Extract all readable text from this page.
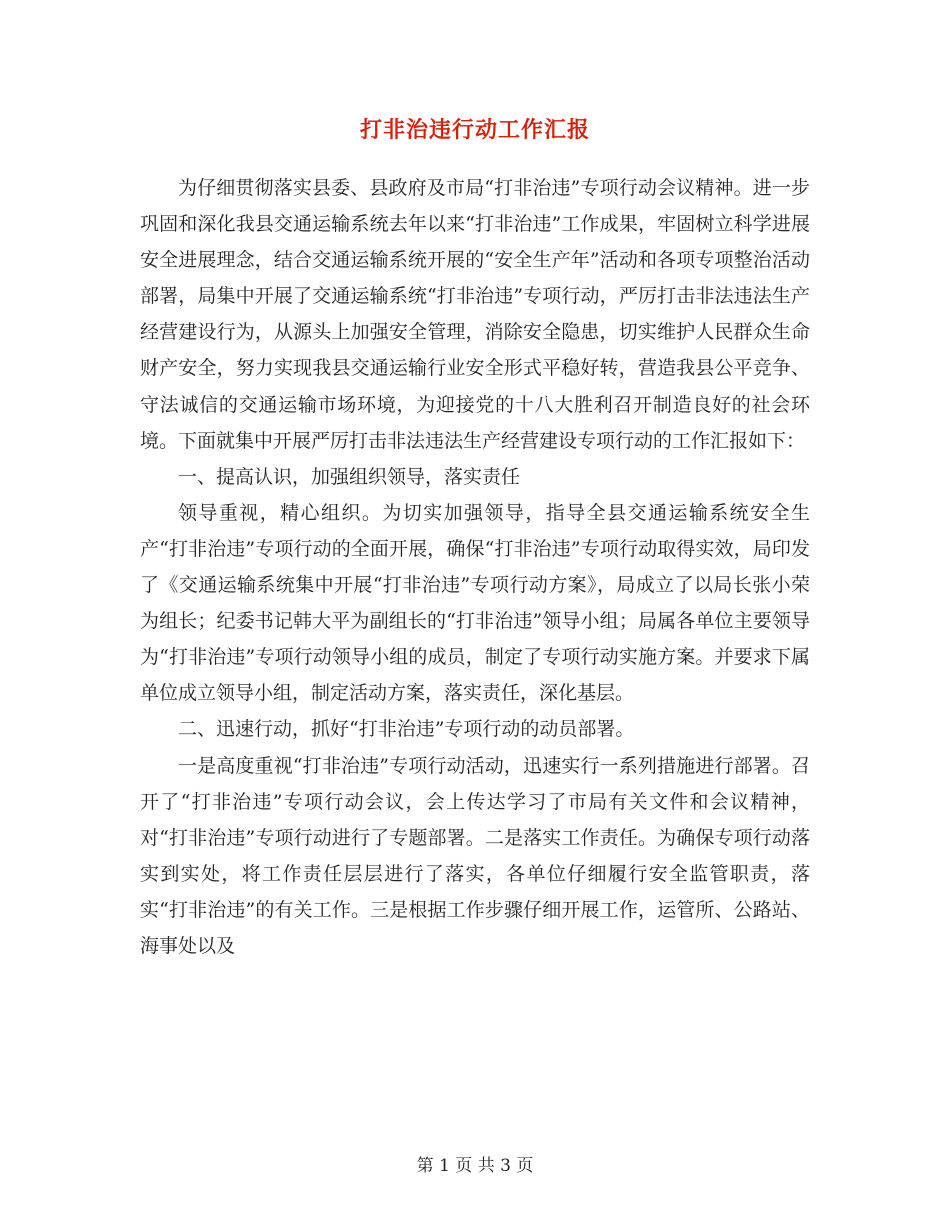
打非治违行动工作汇报

为仔细贯彻落实县委、县政府及市局“打非治违”专项行动会议精神。进一步巩固和深化我县交通运输系统去年以来“打非治违”工作成果，牢固树立科学进展安全进展理念，结合交通运输系统开展的“安全生产年”活动和各项专项整治活动部署，局集中开展了交通运输系统“打非治违”专项行动，严厉打击非法违法生产经营建设行为，从源头上加强安全管理，消除安全隐患，切实维护人民群众生命财产安全，努力实现我县交通运输行业安全形式平稳好转，营造我县公平竞争、守法诚信的交通运输市场环境，为迎接党的十八大胜利召开制造良好的社会环境。下面就集中开展严厉打击非法违法生产经营建设专项行动的工作汇报如下：

一、提高认识，加强组织领导，落实责任

领导重视，精心组织。为切实加强领导，指导全县交通运输系统安全生产“打非治违”专项行动的全面开展，确保“打非治违”专项行动取得实效，局印发了《交通运输系统集中开展“打非治违”专项行动方案》，局成立了以局长张小荣为组长；纪委书记韩大平为副组长的“打非治违”领导小组；局属各单位主要领导为“打非治违”专项行动领导小组的成员，制定了专项行动实施方案。并要求下属单位成立领导小组，制定活动方案，落实责任，深化基层。

二、迅速行动，抓好“打非治违”专项行动的动员部署。

一是高度重视“打非治违”专项行动活动，迅速实行一系列措施进行部署。召开了“打非治违”专项行动会议，会上传达学习了市局有关文件和会议精神，对“打非治违”专项行动进行了专题部署。二是落实工作责任。为确保专项行动落实到实处，将工作责任层层进行了落实，各单位仔细履行安全监管职责，落实“打非治违”的有关工作。三是根据工作步骤仔细开展工作，运管所、公路站、海事处以及

第 1 页 共 3 页
